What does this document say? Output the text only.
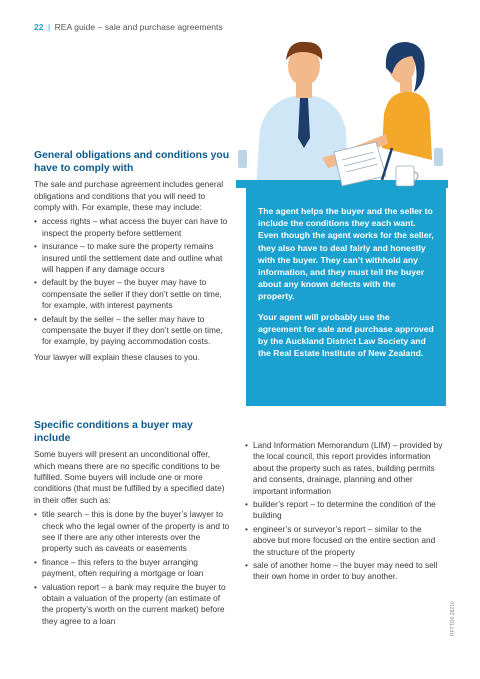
22 | REA guide – sale and purchase agreements
General obligations and conditions you have to comply with

The sale and purchase agreement includes general obligations and conditions that you will need to comply with. For example, these may include:

• access rights – what access the buyer can have to inspect the property before settlement
• insurance – to make sure the property remains insured until the settlement date and outline what will happen if any damage occurs
• default by the buyer – the buyer may have to compensate the seller if they don’t settle on time, for example, with interest payments
• default by the seller – the seller may have to compensate the buyer if they don’t settle on time, for example, by paying accommodation costs.

Your lawyer will explain these clauses to you.

The agent helps the buyer and the seller to include the conditions they each want. Even though the agent works for the seller, they also have to deal fairly and honestly with the buyer. They can’t withhold any information, and they must tell the buyer about any known defects with the property.

Your agent will probably use the agreement for sale and purchase approved by the Auckland District Law Society and the Real Estate Institute of New Zealand.

Specific conditions a buyer may include

Some buyers will present an unconditional offer, which means there are no specific conditions to be fulfilled. Some buyers will include one or more conditions (that must be fulfilled by a specified date) in their offer such as:

• title search – this is done by the buyer’s lawyer to check who the legal owner of the property is and to see if there are any other interests over the property such as caveats or easements
• finance – this refers to the buyer arranging payment, often requiring a mortgage or loan
• valuation report – a bank may require the buyer to obtain a valuation of the property (an estimate of the property’s worth on the current market) before they agree to a loan
• Land Information Memorandum (LIM) – provided by the local council, this report provides information about the property such as rates, building permits and consents, drainage, planning and other important information
• builder’s report – to determine the condition of the building
• engineer’s or surveyor’s report – similar to the above but more focused on the entire section and the structure of the property
• sale of another home – the buyer may need to sell their own home in order to buy another.
RFTTO0 28210
